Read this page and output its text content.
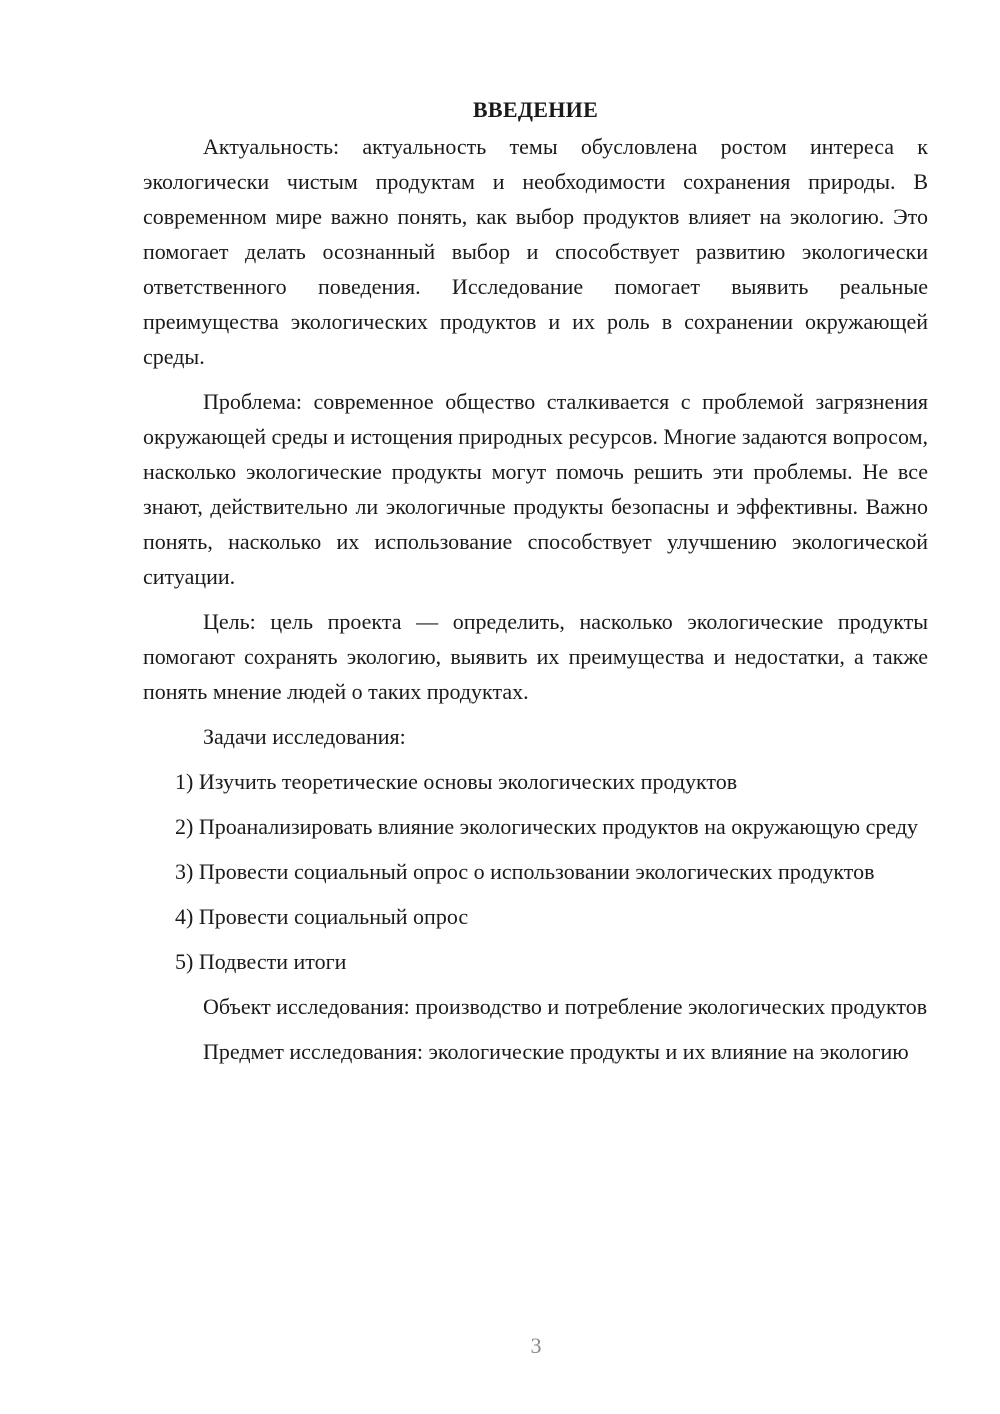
ВВЕДЕНИЕ

Актуальность: актуальность темы обусловлена ростом интереса к экологически чистым продуктам и необходимости сохранения природы. В современном мире важно понять, как выбор продуктов влияет на экологию. Это помогает делать осознанный выбор и способствует развитию экологически ответственного поведения. Исследование помогает выявить реальные преимущества экологических продуктов и их роль в сохранении окружающей среды.

Проблема: современное общество сталкивается с проблемой загрязнения окружающей среды и истощения природных ресурсов. Многие задаются вопросом, насколько экологические продукты могут помочь решить эти проблемы. Не все знают, действительно ли экологичные продукты безопасны и эффективны. Важно понять, насколько их использование способствует улучшению экологической ситуации.

Цель: цель проекта — определить, насколько экологические продукты помогают сохранять экологию, выявить их преимущества и недостатки, а также понять мнение людей о таких продуктах.

Задачи исследования:

1) Изучить теоретические основы экологических продуктов

2) Проанализировать влияние экологических продуктов на окружающую среду

3) Провести социальный опрос о использовании экологических продуктов

4) Провести социальный опрос

5) Подвести итоги

Объект исследования: производство и потребление экологических продуктов

Предмет исследования: экологические продукты и их влияние на экологию

3
